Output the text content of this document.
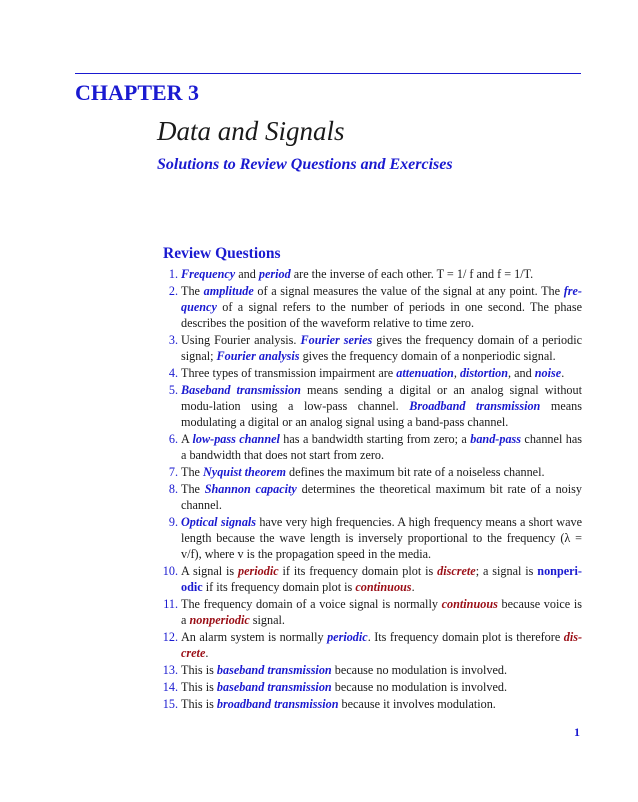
CHAPTER 3
Data and Signals
Solutions to Review Questions and Exercises
Review Questions
1. Frequency and period are the inverse of each other. T = 1/ f and f = 1/T.
2. The amplitude of a signal measures the value of the signal at any point. The fre-quency of a signal refers to the number of periods in one second. The phase describes the position of the waveform relative to time zero.
3. Using Fourier analysis. Fourier series gives the frequency domain of a periodic signal; Fourier analysis gives the frequency domain of a nonperiodic signal.
4. Three types of transmission impairment are attenuation, distortion, and noise.
5. Baseband transmission means sending a digital or an analog signal without modu-lation using a low-pass channel. Broadband transmission means modulating a digital or an analog signal using a band-pass channel.
6. A low-pass channel has a bandwidth starting from zero; a band-pass channel has a bandwidth that does not start from zero.
7. The Nyquist theorem defines the maximum bit rate of a noiseless channel.
8. The Shannon capacity determines the theoretical maximum bit rate of a noisy channel.
9. Optical signals have very high frequencies. A high frequency means a short wave length because the wave length is inversely proportional to the frequency (λ = v/f), where v is the propagation speed in the media.
10. A signal is periodic if its frequency domain plot is discrete; a signal is nonperi-odic if its frequency domain plot is continuous.
11. The frequency domain of a voice signal is normally continuous because voice is a nonperiodic signal.
12. An alarm system is normally periodic. Its frequency domain plot is therefore dis-crete.
13. This is baseband transmission because no modulation is involved.
14. This is baseband transmission because no modulation is involved.
15. This is broadband transmission because it involves modulation.
1
